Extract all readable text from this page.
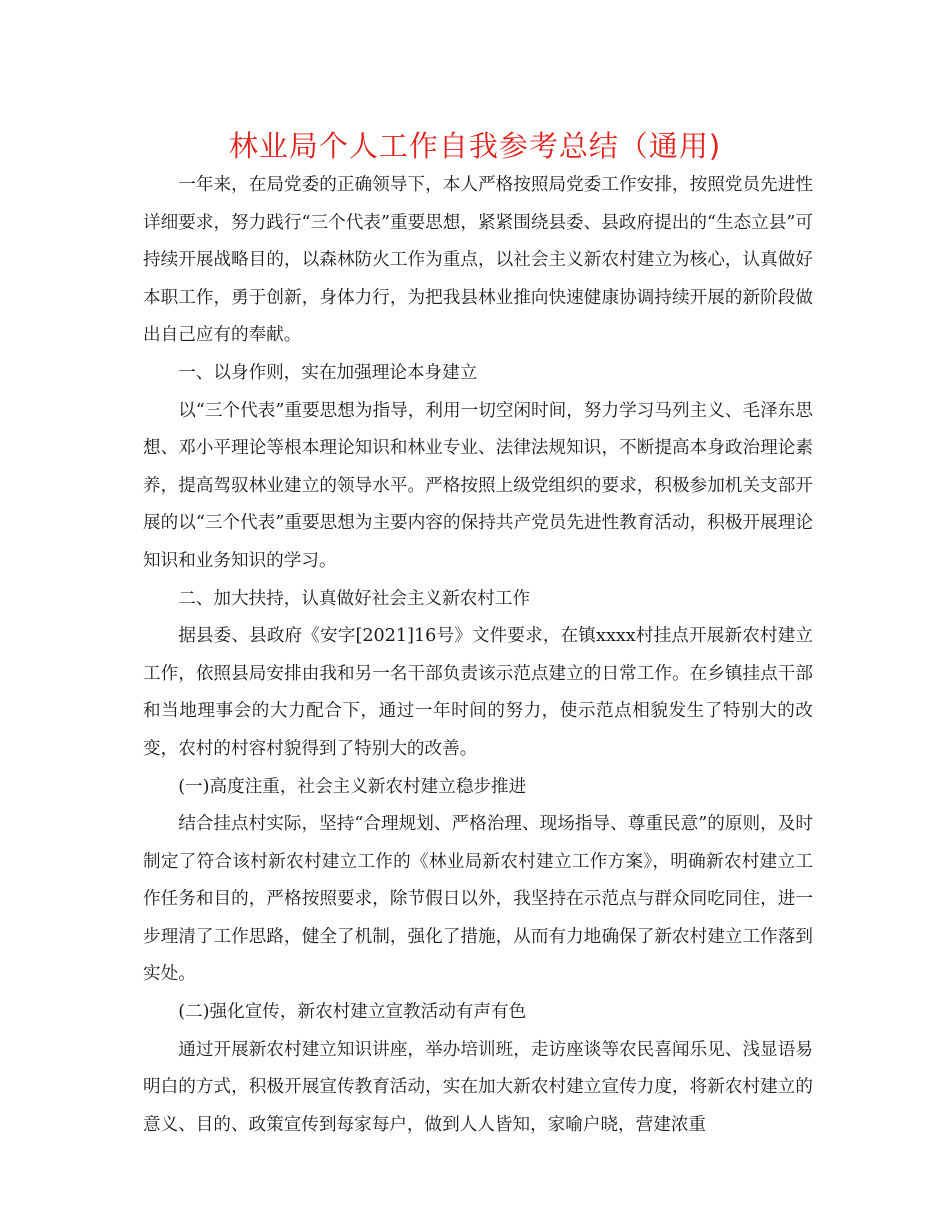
林业局个人工作自我参考总结（通用)

一年来，在局党委的正确领导下，本人严格按照局党委工作安排，按照党员先进性详细要求，努力践行“三个代表”重要思想，紧紧围绕县委、县政府提出的“生态立县”可持续开展战略目的，以森林防火工作为重点，以社会主义新农村建立为核心，认真做好本职工作，勇于创新，身体力行，为把我县林业推向快速健康协调持续开展的新阶段做出自己应有的奉献。

一、以身作则，实在加强理论本身建立

以“三个代表”重要思想为指导，利用一切空闲时间，努力学习马列主义、毛泽东思想、邓小平理论等根本理论知识和林业专业、法律法规知识，不断提高本身政治理论素养，提高驾驭林业建立的领导水平。严格按照上级党组织的要求，积极参加机关支部开展的以“三个代表”重要思想为主要内容的保持共产党员先进性教育活动，积极开展理论知识和业务知识的学习。

二、加大扶持，认真做好社会主义新农村工作

据县委、县政府《安字[2021]16号》文件要求，在镇xxxx村挂点开展新农村建立工作，依照县局安排由我和另一名干部负责该示范点建立的日常工作。在乡镇挂点干部和当地理事会的大力配合下，通过一年时间的努力，使示范点相貌发生了特别大的改变，农村的村容村貌得到了特别大的改善。

(一)高度注重，社会主义新农村建立稳步推进

结合挂点村实际，坚持“合理规划、严格治理、现场指导、尊重民意”的原则，及时制定了符合该村新农村建立工作的《林业局新农村建立工作方案》，明确新农村建立工作任务和目的，严格按照要求，除节假日以外，我坚持在示范点与群众同吃同住，进一步理清了工作思路，健全了机制，强化了措施，从而有力地确保了新农村建立工作落到实处。

(二)强化宣传，新农村建立宣教活动有声有色

通过开展新农村建立知识讲座，举办培训班，走访座谈等农民喜闻乐见、浅显语易明白的方式，积极开展宣传教育活动，实在加大新农村建立宣传力度，将新农村建立的意义、目的、政策宣传到每家每户，做到人人皆知，家喻户晓，营建浓重
